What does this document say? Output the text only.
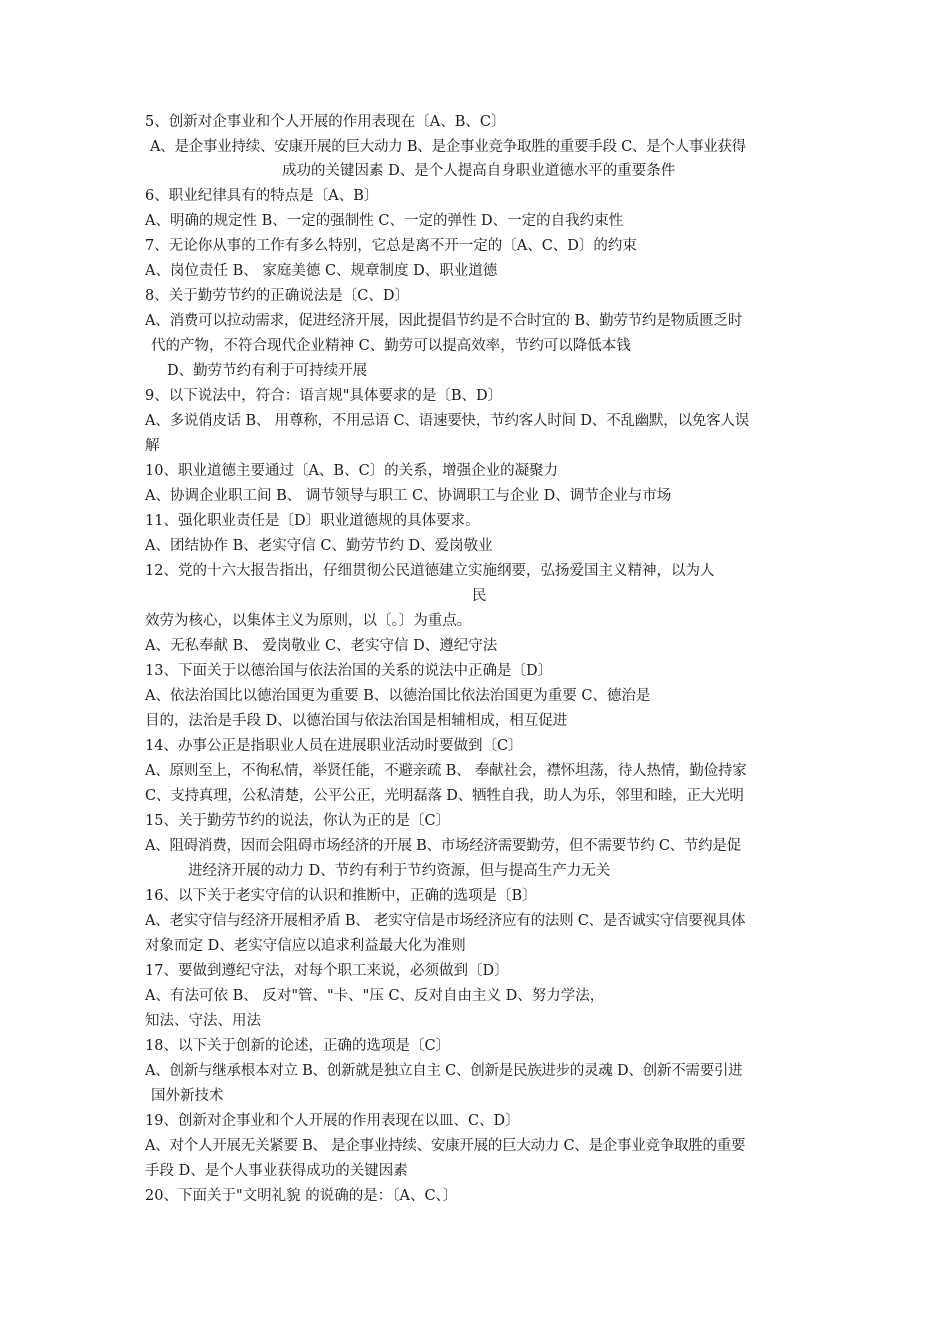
5、创新对企事业和个人开展的作用表现在〔A、B、C〕
A、是企事业持续、安康开展的巨大动力 B、是企事业竞争取胜的重要手段 C、是个人事业获得
成功的关键因素 D、是个人提高自身职业道德水平的重要条件
6、职业纪律具有的特点是〔A、B〕
A、明确的规定性 B、一定的强制性 C、一定的弹性 D、一定的自我约束性
7、无论你从事的工作有多么特别，它总是离不开一定的〔A、C、D〕的约束
A、岗位责任 B、 家庭美德 C、规章制度 D、职业道德
8、关于勤劳节约的正确说法是〔C、D〕
A、消费可以拉动需求，促进经济开展，因此提倡节约是不合时宜的 B、勤劳节约是物质匮乏时
代的产物，不符合现代企业精神 C、勤劳可以提高效率，节约可以降低本钱
D、勤劳节约有利于可持续开展
9、以下说法中，符合：语言规"具体要求的是〔B、D〕
A、多说俏皮话 B、 用尊称，不用忌语 C、语速要快，节约客人时间 D、不乱幽默，以免客人误
解
10、职业道德主要通过〔A、B、C〕的关系，增强企业的凝聚力
A、协调企业职工间 B、 调节领导与职工 C、协调职工与企业 D、调节企业与市场
11、强化职业责任是〔D〕职业道德规的具体要求。
A、团结协作 B、老实守信 C、勤劳节约 D、爱岗敬业
12、党的十六大报告指出，仔细贯彻公民道德建立实施纲要，弘扬爱国主义精神，以为人
民
效劳为核心，以集体主义为原则，以〔。〕为重点。
A、无私奉献 B、 爱岗敬业 C、老实守信 D、遵纪守法
13、下面关于以德治国与依法治国的关系的说法中正确是〔D〕
A、依法治国比以德治国更为重要 B、以德治国比依法治国更为重要 C、德治是
目的，法治是手段 D、以德治国与依法治国是相辅相成，相互促进
14、办事公正是指职业人员在进展职业活动时要做到〔C〕
A、原则至上，不徇私情，举贤任能，不避亲疏 B、 奉献社会，襟怀坦荡，待人热情，勤俭持家
C、支持真理，公私清楚，公平公正，光明磊落 D、牺牲自我，助人为乐，邻里和睦，正大光明
15、关于勤劳节约的说法，你认为正的是〔C〕
A、阻碍消费，因而会阻碍市场经济的开展 B、市场经济需要勤劳，但不需要节约 C、节约是促
进经济开展的动力 D、节约有利于节约资源，但与提高生产力无关
16、以下关于老实守信的认识和推断中，正确的选项是〔B〕
A、老实守信与经济开展相矛盾 B、 老实守信是市场经济应有的法则 C、是否诚实守信要视具体
对象而定 D、老实守信应以追求利益最大化为准则
17、要做到遵纪守法，对每个职工来说，必须做到〔D〕
A、有法可依 B、 反对"管、"卡、"压 C、反对自由主义 D、努力学法，
知法、守法、用法
18、以下关于创新的论述，正确的选项是〔C〕
A、创新与继承根本对立 B、创新就是独立自主 C、创新是民族进步的灵魂 D、创新不需要引进
国外新技术
19、创新对企事业和个人开展的作用表现在以皿、C、D〕
A、对个人开展无关紧要 B、 是企事业持续、安康开展的巨大动力 C、是企事业竞争取胜的重要
手段 D、是个人事业获得成功的关键因素
20、下面关于"文明礼貌 的说确的是：〔A、C、〕
